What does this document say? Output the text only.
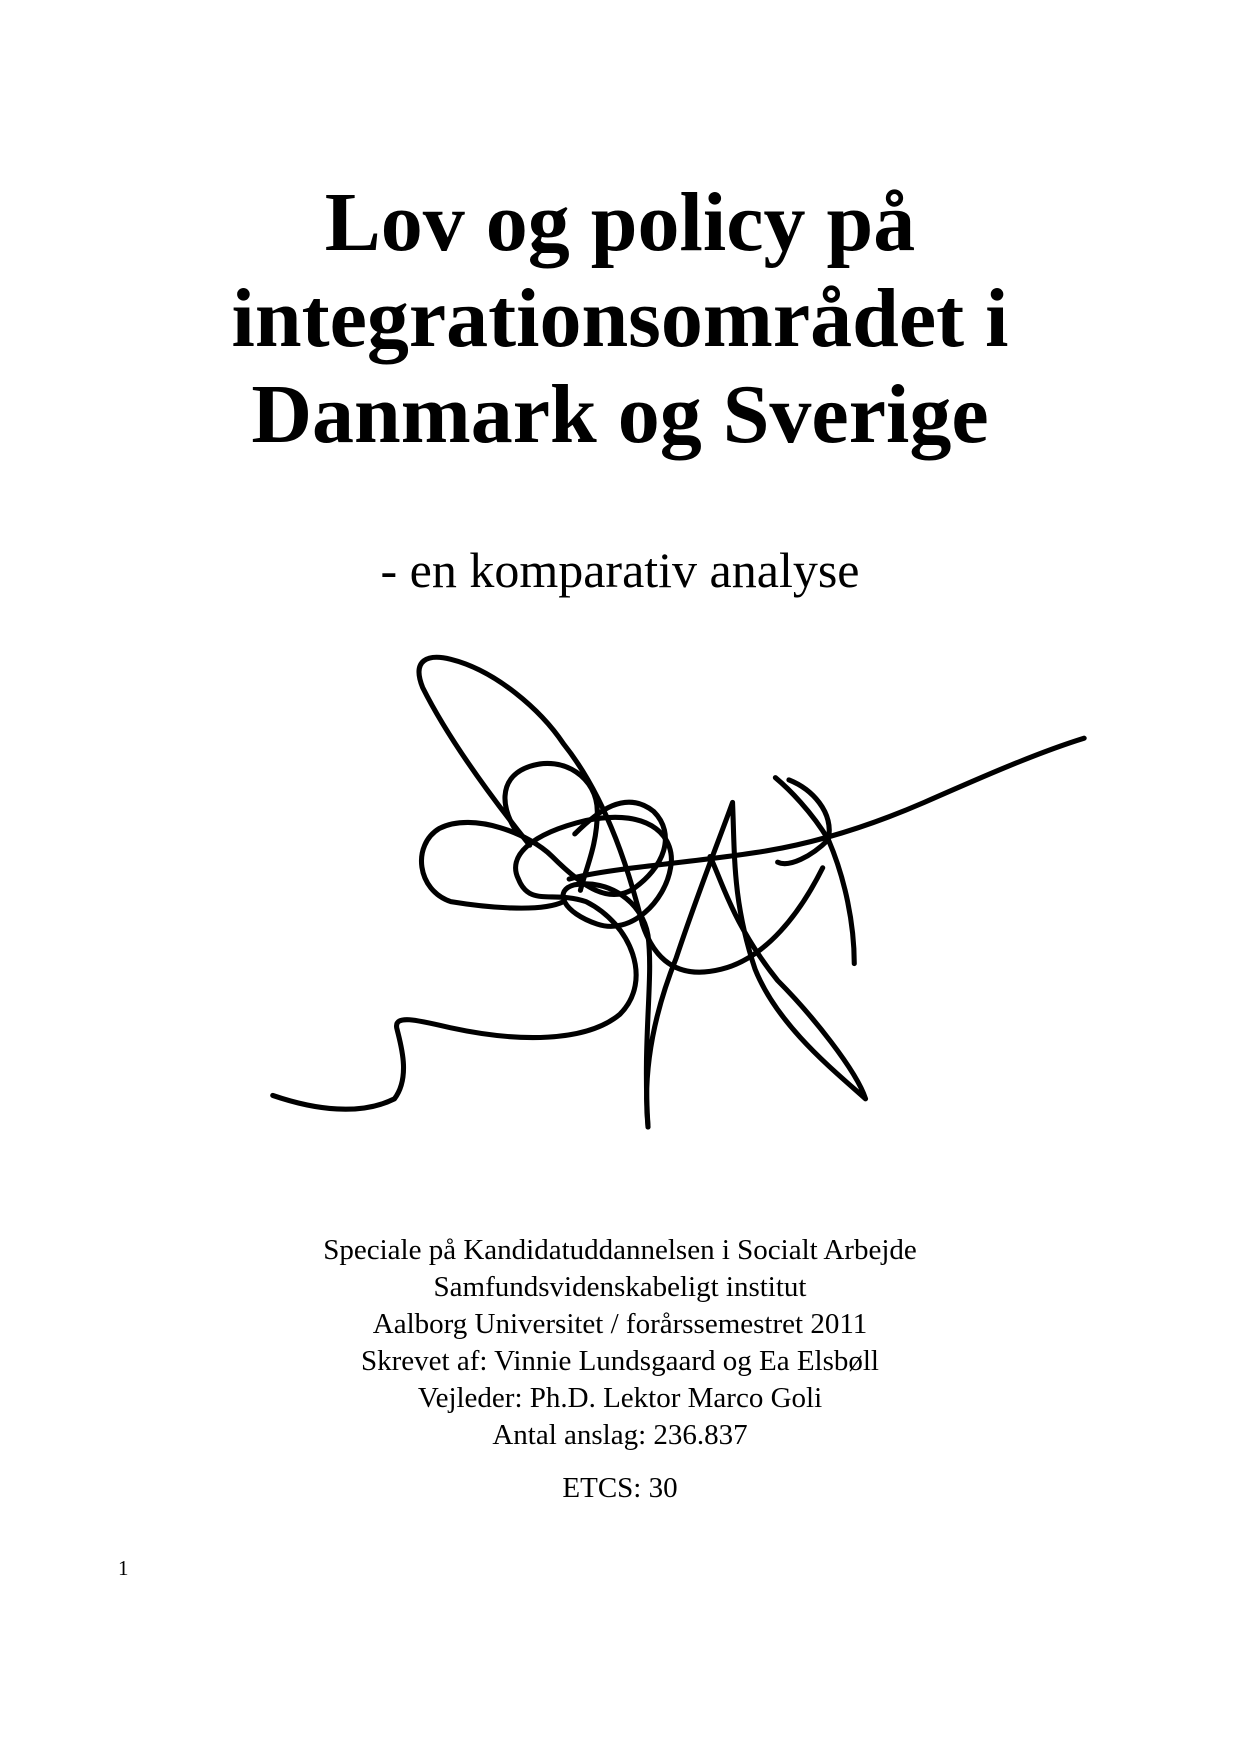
Lov og policy på
integrationsområdet i
Danmark og Sverige
- en komparativ analyse
Speciale på Kandidatuddannelsen i Socialt Arbejde
Samfundsvidenskabeligt institut
Aalborg Universitet / forårssemestret 2011
Skrevet af: Vinnie Lundsgaard og Ea Elsbøll
Vejleder: Ph.D. Lektor Marco Goli
Antal anslag: 236.837
ETCS: 30
1
